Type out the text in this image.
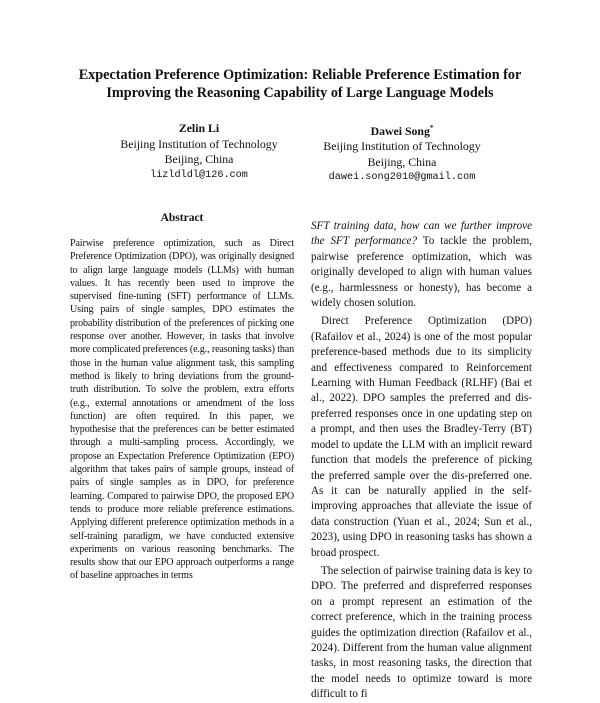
Expectation Preference Optimization: Reliable Preference Estimation for
Improving the Reasoning Capability of Large Language Models
Zelin Li
Beijing Institution of Technology
Beijing, China
lizldldl@126.com
Dawei Song*
Beijing Institution of Technology
Beijing, China
dawei.song2010@gmail.com
Abstract
Pairwise preference optimization, such as Direct Preference Optimization (DPO), was originally designed to align large language models (LLMs) with human values. It has recently been used to improve the supervised fine-tuning (SFT) performance of LLMs. Using pairs of single samples, DPO estimates the probability distribution of the preferences of picking one response over another. However, in tasks that involve more complicated preferences (e.g., reasoning tasks) than those in the human value alignment task, this sampling method is likely to bring deviations from the ground-truth distribution. To solve the problem, extra efforts (e.g., external annotations or amendment of the loss function) are often required. In this paper, we hypothesise that the preferences can be better estimated through a multi-sampling process. Accordingly, we propose an Expectation Preference Optimization (EPO) algorithm that takes pairs of sample groups, instead of pairs of single samples as in DPO, for preference learning. Compared to pairwise DPO, the proposed EPO tends to produce more reliable preference estimations. Applying different preference optimization methods in a self-training paradigm, we have conducted extensive experiments on various reasoning benchmarks. The results show that our EPO approach outperforms a range of baseline approaches in terms

SFT training data, how can we further improve the SFT performance? To tackle the problem, pairwise preference optimization, which was originally developed to align with human values (e.g., harmlessness or honesty), has become a widely chosen solution.

Direct Preference Optimization (DPO) (Rafailov et al., 2024) is one of the most popular preference-based methods due to its simplicity and effectiveness compared to Reinforcement Learning with Human Feedback (RLHF) (Bai et al., 2022). DPO samples the preferred and dis-preferred responses once in one updating step on a prompt, and then uses the Bradley-Terry (BT) model to update the LLM with an implicit reward function that models the preference of picking the preferred sample over the dis-preferred one. As it can be naturally applied in the self-improving approaches that alleviate the issue of data construction (Yuan et al., 2024; Sun et al., 2023), using DPO in reasoning tasks has shown a broad prospect.

The selection of pairwise training data is key to DPO. The preferred and dispreferred responses on a prompt represent an estimation of the correct preference, which in the training process guides the optimization direction (Rafailov et al., 2024). Different from the human value alignment tasks, in most reasoning tasks, the direction that the model needs to optimize toward is more difficult to fi
